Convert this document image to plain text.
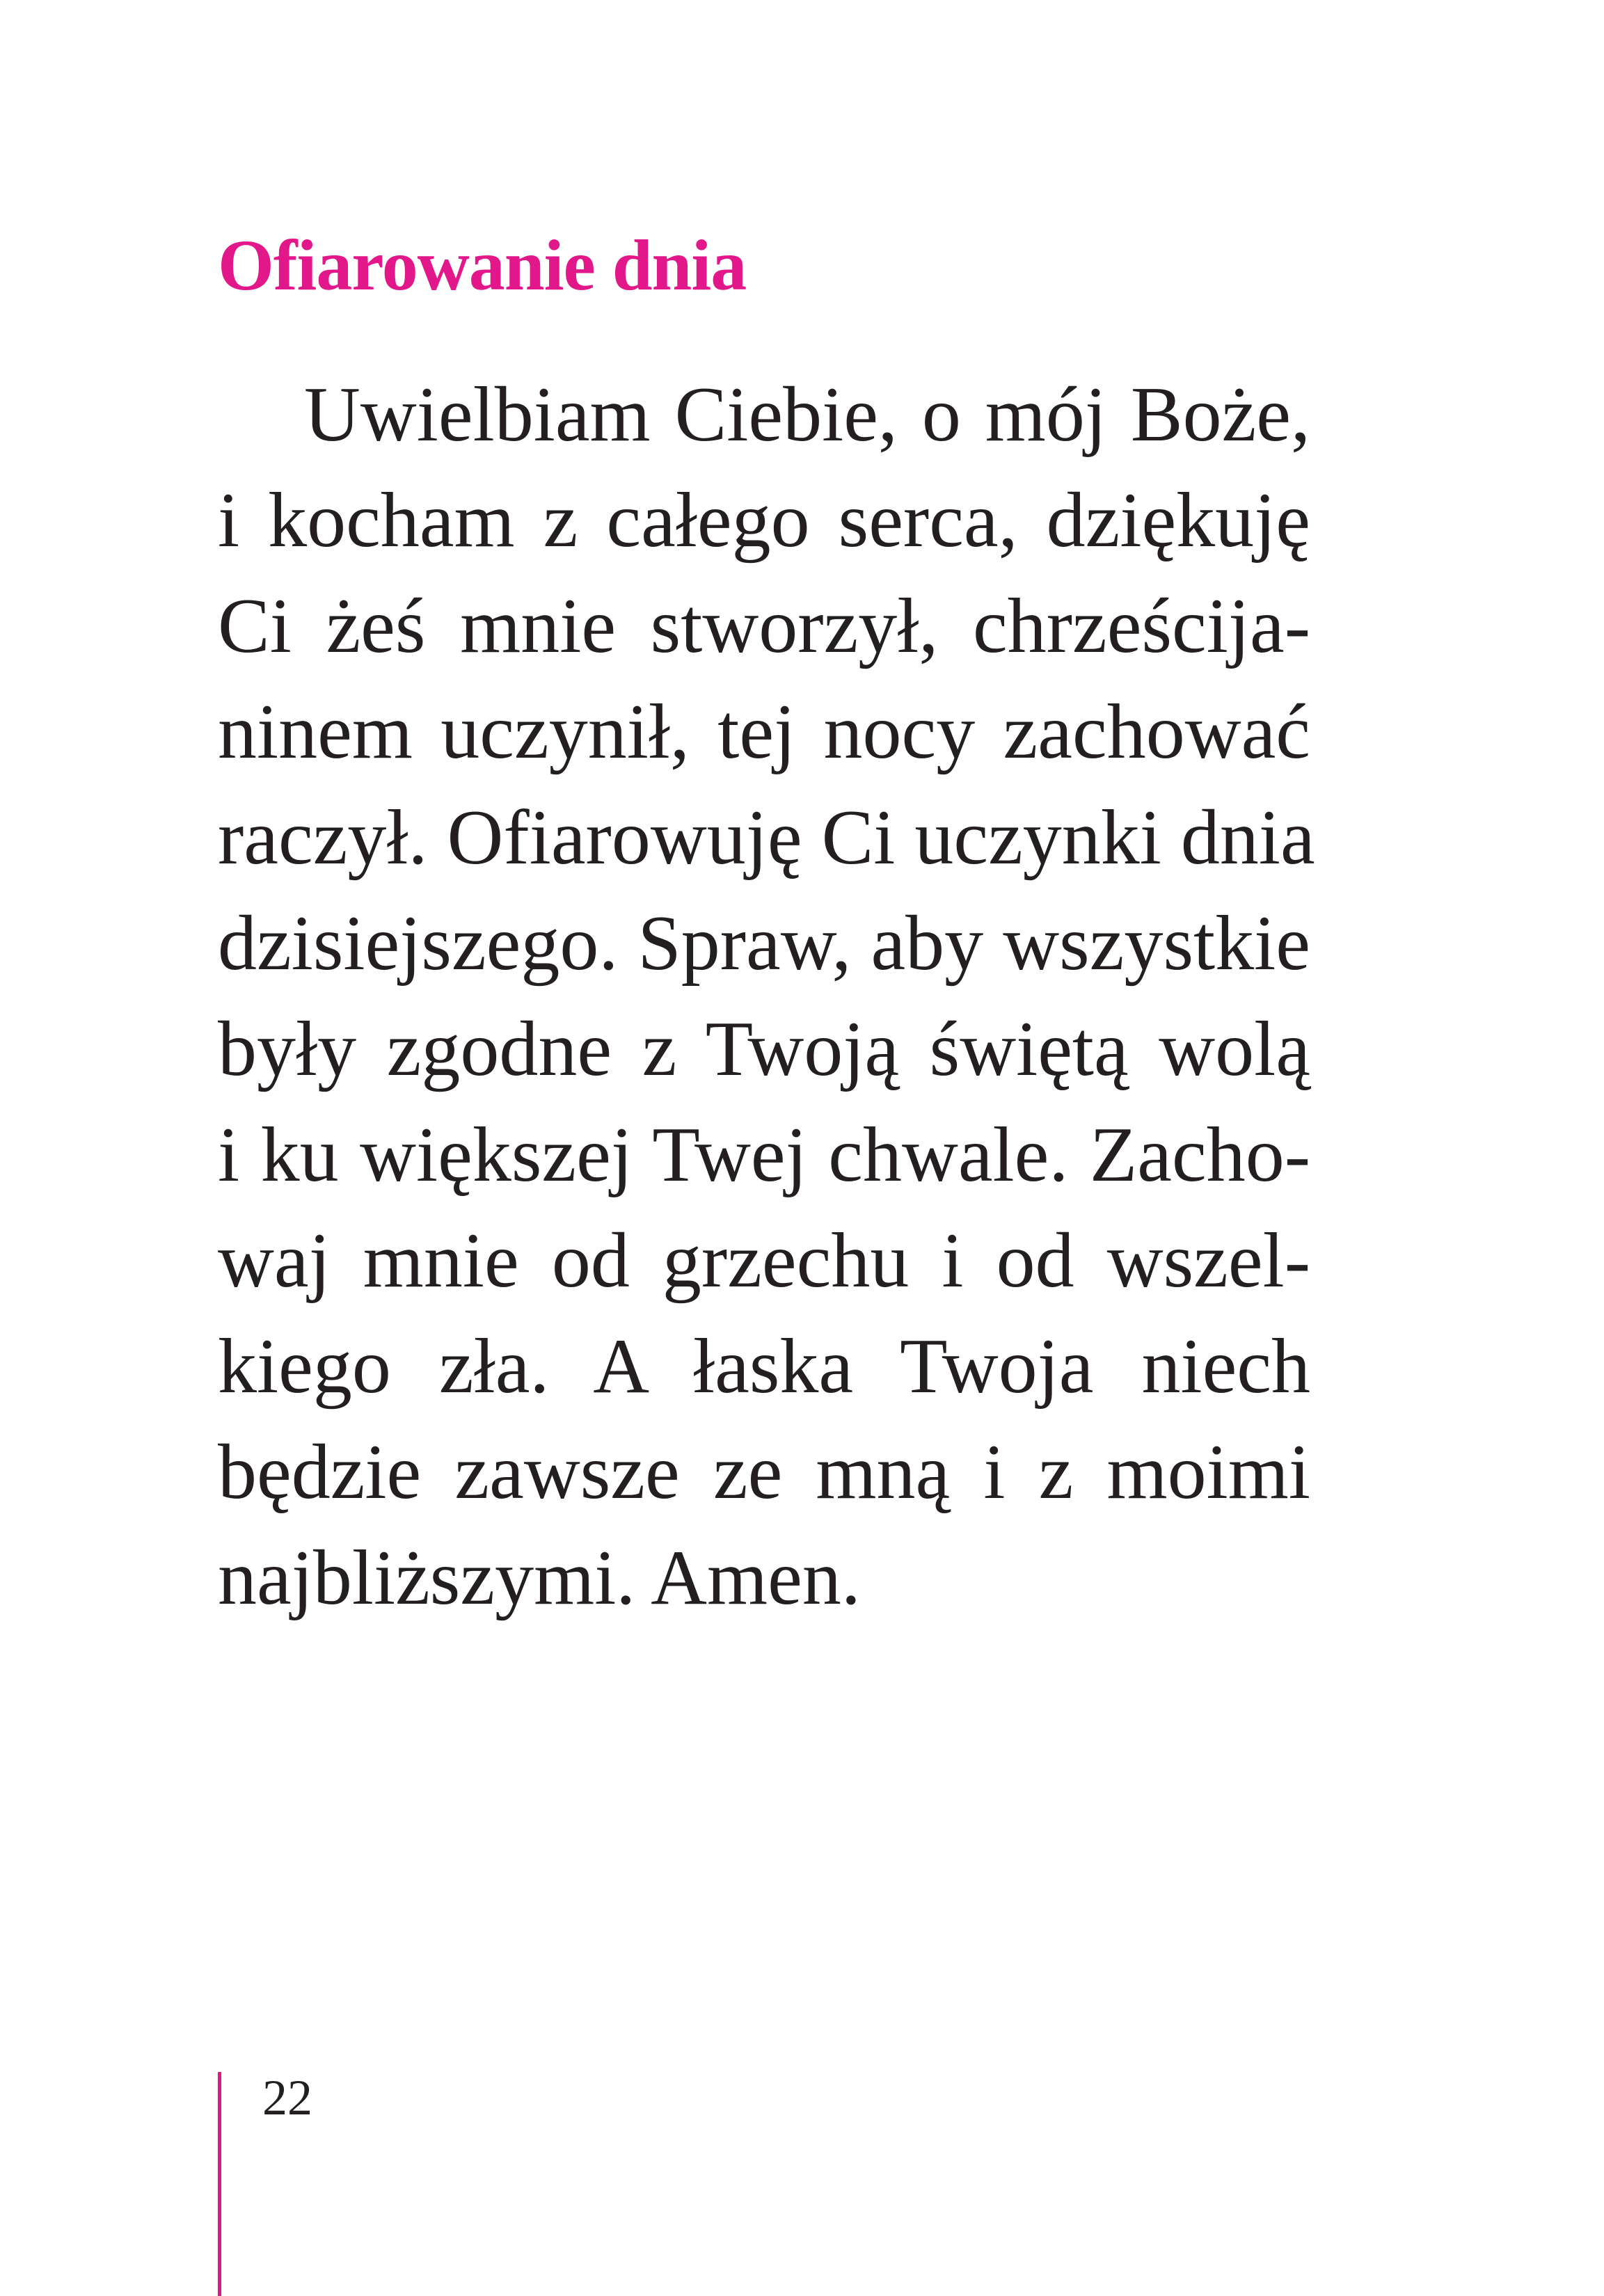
Ofiarowanie dnia
Uwielbiam Ciebie, o mój Boże,
i kocham z całego serca, dziękuję
Ci żeś mnie stworzył, chrześcija-
ninem uczynił, tej nocy zachować
raczył. Ofiarowuję Ci uczynki dnia
dzisiejszego. Spraw, aby wszystkie
były zgodne z Twoją świętą wolą
i ku większej Twej chwale. Zacho-
waj mnie od grzechu i od wszel-
kiego zła. A łaska Twoja niech
będzie zawsze ze mną i z moimi
najbliższymi. Amen.
22
